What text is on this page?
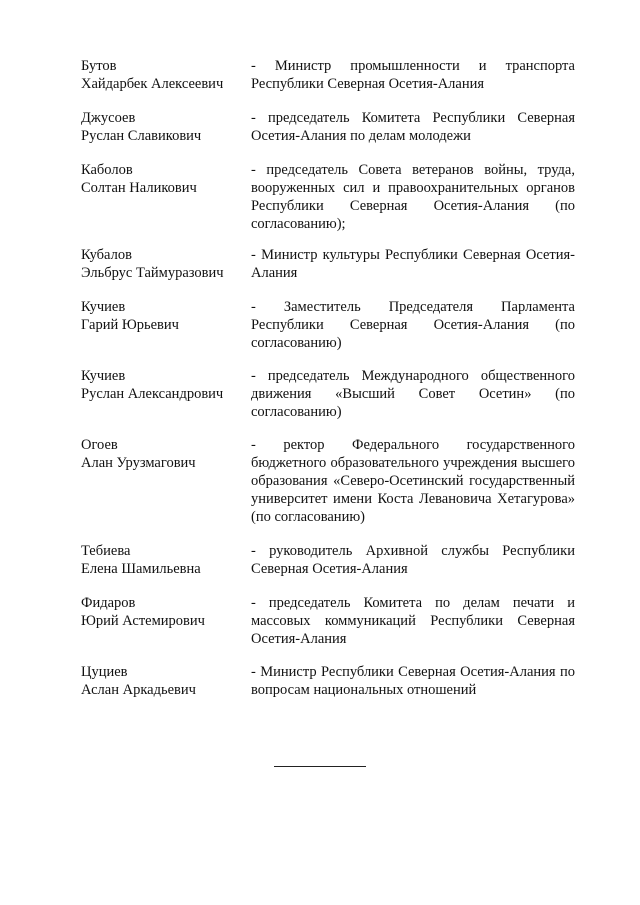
Бутов
Хайдарбек Алексеевич
- Министр промышленности и транспорта Республики Северная Осетия-Алания
Джусоев
Руслан Славикович
- председатель Комитета Республики Северная Осетия-Алания по делам молодежи
Каболов
Солтан Наликович
- председатель Совета ветеранов войны, труда, вооруженных сил и правоохранительных органов Республики Северная Осетия-Алания (по согласованию);
Кубалов
Эльбрус Таймуразович
- Министр культуры Республики Северная Осетия-Алания
Кучиев
Гарий Юрьевич
- Заместитель Председателя Парламента Республики Северная Осетия-Алания (по согласованию)
Кучиев
Руслан Александрович
- председатель Международного общественного движения «Высший Совет Осетин» (по согласованию)
Огоев
Алан Урузмагович
- ректор Федерального государственного бюджетного образовательного учреждения высшего образования «Северо-Осетинский государственный университет имени Коста Левановича Хетагурова» (по согласованию)
Тебиева
Елена Шамильевна
- руководитель Архивной службы Республики Северная Осетия-Алания
Фидаров
Юрий Астемирович
- председатель Комитета по делам печати и массовых коммуникаций Республики Северная Осетия-Алания
Цуциев
Аслан Аркадьевич
- Министр Республики Северная Осетия-Алания по вопросам национальных отношений
